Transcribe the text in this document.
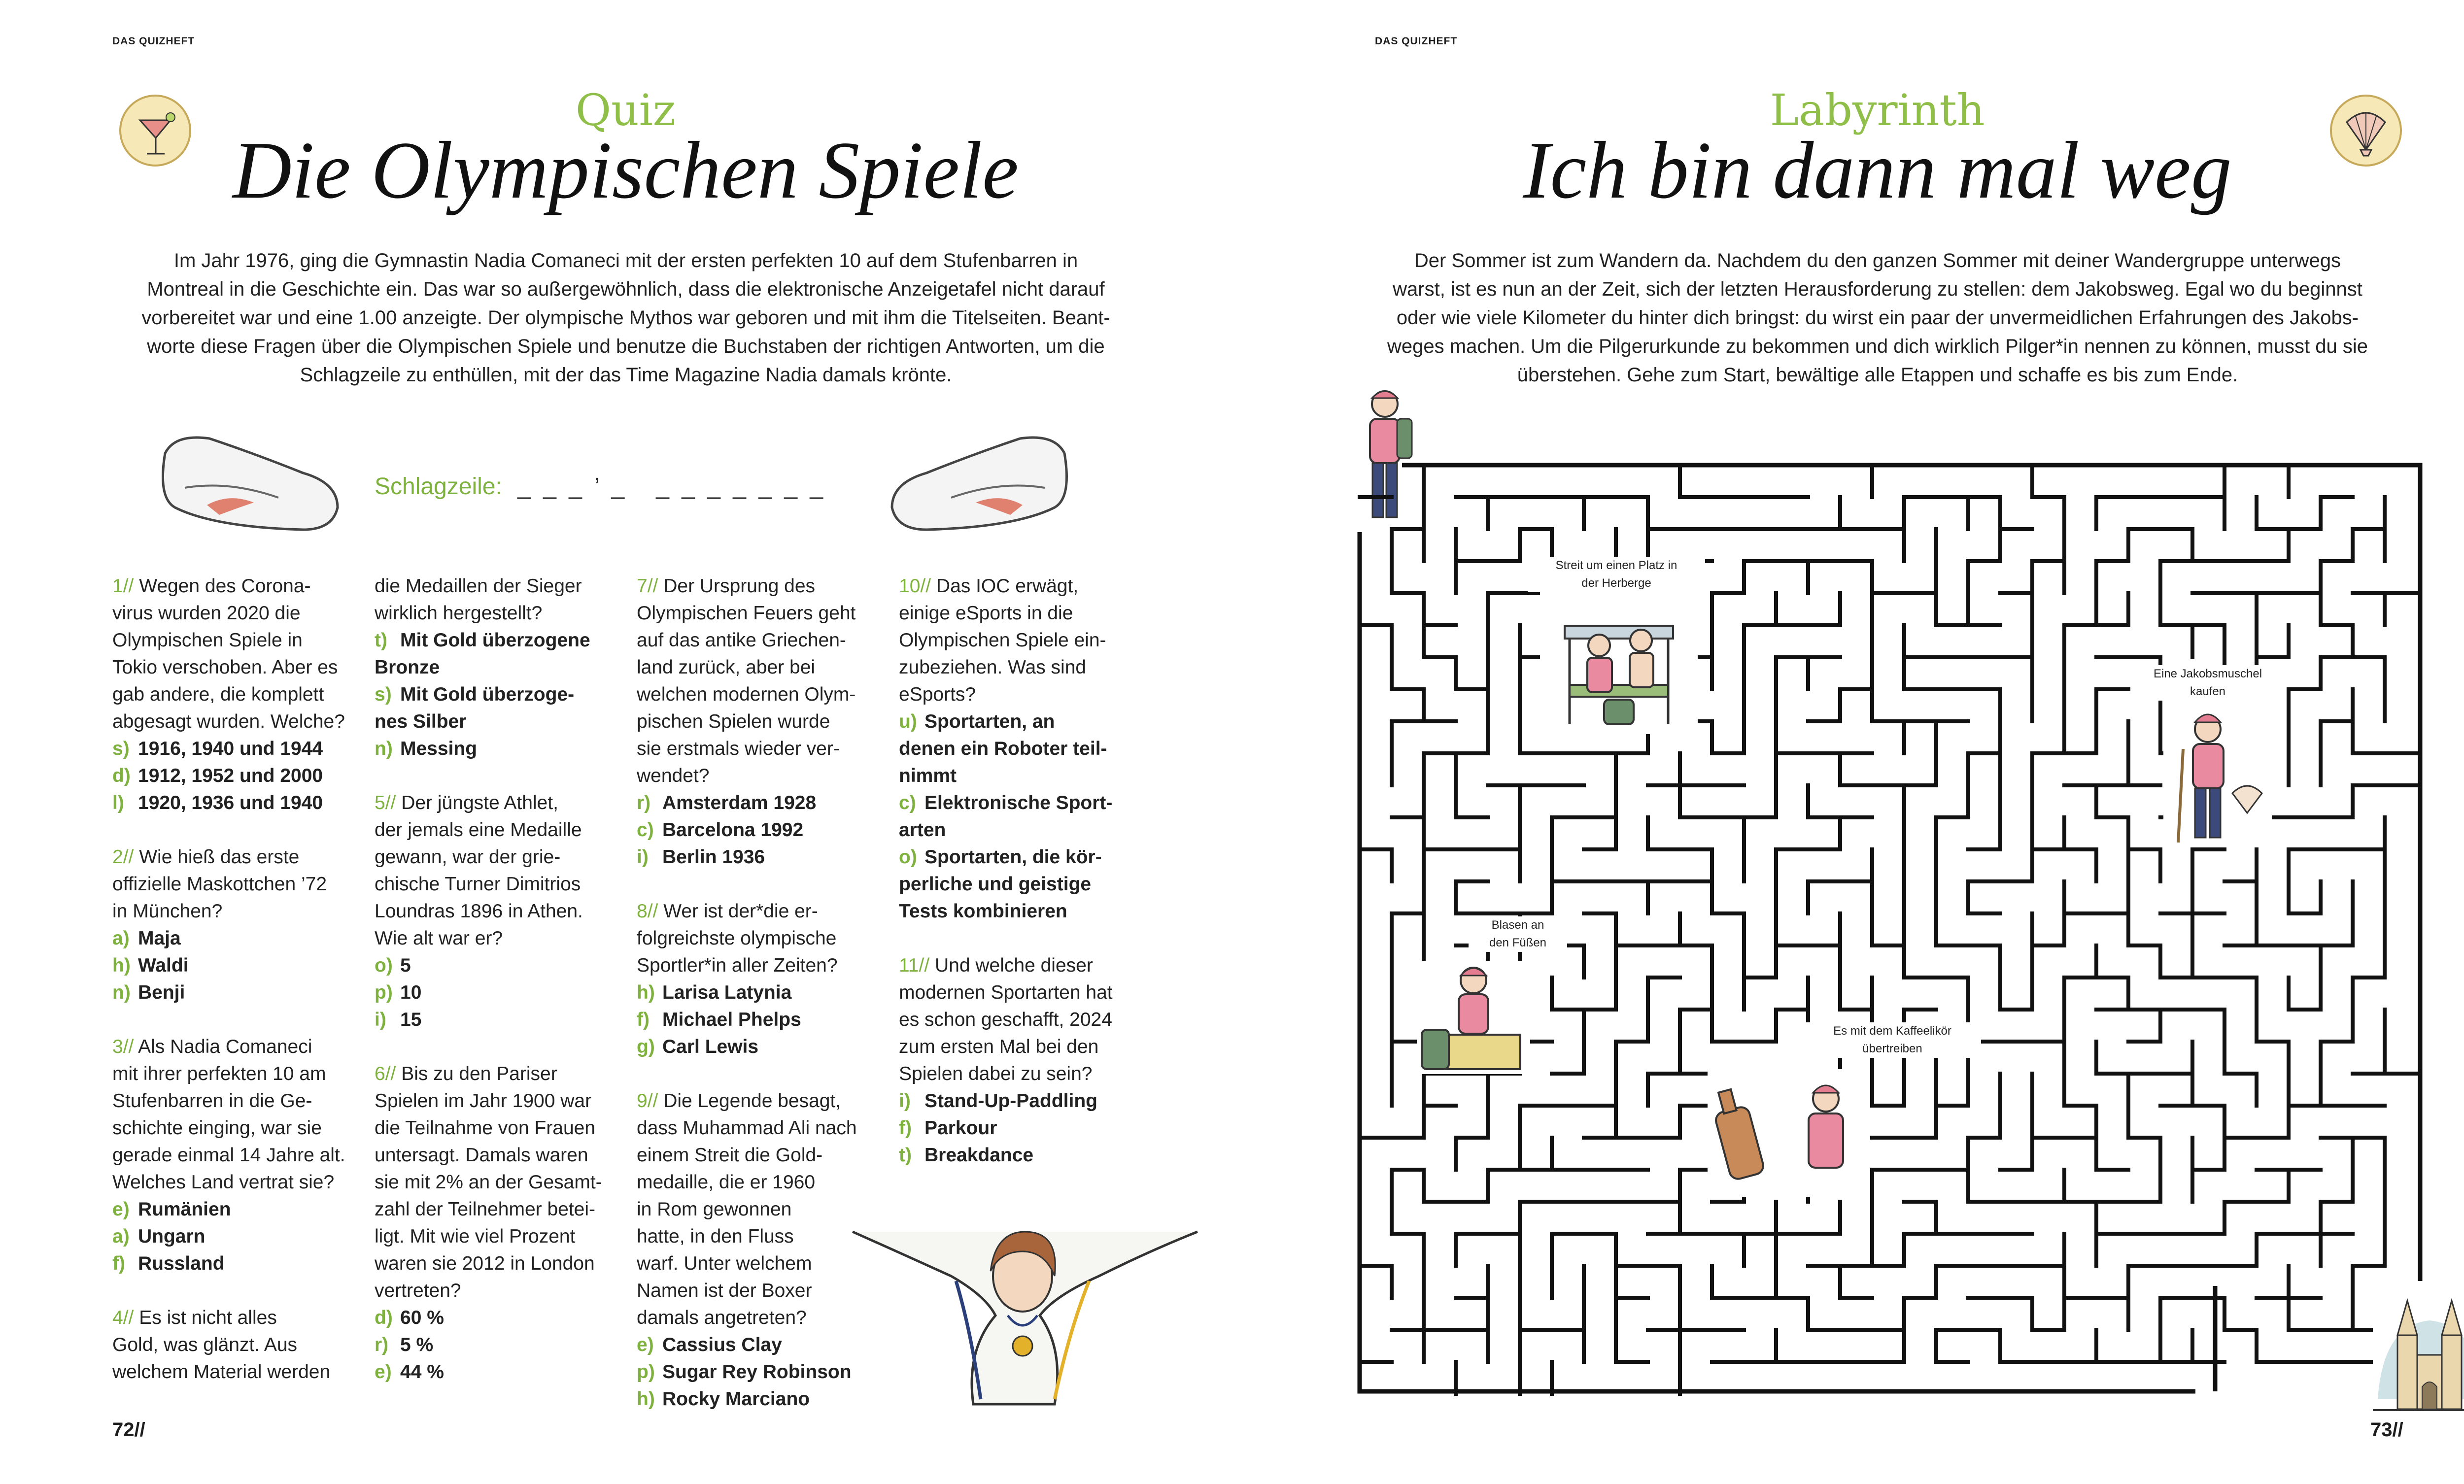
DAS QUIZHEFT
Quiz
Die Olympischen Spiele
Im Jahr 1976, ging die Gymnastin Nadia Comaneci mit der ersten perfekten 10 auf dem Stufenbarren in
Montreal in die Geschichte ein. Das war so außergewöhnlich, dass die elektronische Anzeigetafel nicht darauf
vorbereitet war und eine 1.00 anzeigte. Der olympische Mythos war geboren und mit ihm die Titelseiten. Beant-
worte diese Fragen über die Olympischen Spiele und benutze die Buchstaben der richtigen Antworten, um die
Schlagzeile zu enthüllen, mit der das Time Magazine Nadia damals krönte.
Schlagzeile: _ _ _ ’ _   _ _ _ _ _ _ _
1// Wegen des Corona-
virus wurden 2020 die
Olympischen Spiele in
Tokio verschoben. Aber es
gab andere, die komplett
abgesagt wurden. Welche?
s) 1916, 1940 und 1944
d) 1912, 1952 und 2000
l) 1920, 1936 und 1940
2// Wie hieß das erste
offizielle Maskottchen ’72
in München?
a) Maja
h) Waldi
n) Benji
3// Als Nadia Comaneci
mit ihrer perfekten 10 am
Stufenbarren in die Ge-
schichte einging, war sie
gerade einmal 14 Jahre alt.
Welches Land vertrat sie?
e) Rumänien
a) Ungarn
f) Russland
4// Es ist nicht alles
Gold, was glänzt. Aus
welchem Material werden
die Medaillen der Sieger
wirklich hergestellt?
t) Mit Gold überzogene
Bronze
s) Mit Gold überzoge-
nes Silber
n) Messing
5// Der jüngste Athlet,
der jemals eine Medaille
gewann, war der grie-
chische Turner Dimitrios
Loundras 1896 in Athen.
Wie alt war er?
o) 5
p) 10
i) 15
6// Bis zu den Pariser
Spielen im Jahr 1900 war
die Teilnahme von Frauen
untersagt. Damals waren
sie mit 2% an der Gesamt-
zahl der Teilnehmer betei-
ligt. Mit wie viel Prozent
waren sie 2012 in London
vertreten?
d) 60 %
r) 5 %
e) 44 %
7// Der Ursprung des
Olympischen Feuers geht
auf das antike Griechen-
land zurück, aber bei
welchen modernen Olym-
pischen Spielen wurde
sie erstmals wieder ver-
wendet?
r) Amsterdam 1928
c) Barcelona 1992
i) Berlin 1936
8// Wer ist der*die er-
folgreichste olympische
Sportler*in aller Zeiten?
h) Larisa Latynia
f) Michael Phelps
g) Carl Lewis
9// Die Legende besagt,
dass Muhammad Ali nach
einem Streit die Gold-
medaille, die er 1960
in Rom gewonnen
hatte, in den Fluss
warf. Unter welchem
Namen ist der Boxer
damals angetreten?
e) Cassius Clay
p) Sugar Rey Robinson
h) Rocky Marciano
10// Das IOC erwägt,
einige eSports in die
Olympischen Spiele ein-
zubeziehen. Was sind
eSports?
u) Sportarten, an
denen ein Roboter teil-
nimmt
c) Elektronische Sport-
arten
o) Sportarten, die kör-
perliche und geistige
Tests kombinieren
11// Und welche dieser
modernen Sportarten hat
es schon geschafft, 2024
zum ersten Mal bei den
Spielen dabei zu sein?
i) Stand-Up-Paddling
f) Parkour
t) Breakdance
72//
DAS QUIZHEFT
Labyrinth
Ich bin dann mal weg
Der Sommer ist zum Wandern da. Nachdem du den ganzen Sommer mit deiner Wandergruppe unterwegs
warst, ist es nun an der Zeit, sich der letzten Herausforderung zu stellen: dem Jakobsweg. Egal wo du beginnst
oder wie viele Kilometer du hinter dich bringst: du wirst ein paar der unvermeidlichen Erfahrungen des Jakobs-
weges machen. Um die Pilgerurkunde zu bekommen und dich wirklich Pilger*in nennen zu können, musst du sie
überstehen. Gehe zum Start, bewältige alle Etappen und schaffe es bis zum Ende.
Streit um einen Platz in
der Herberge
Eine Jakobsmuschel
kaufen
Blasen an
den Füßen
Es mit dem Kaffeelikör
übertreiben
73//
